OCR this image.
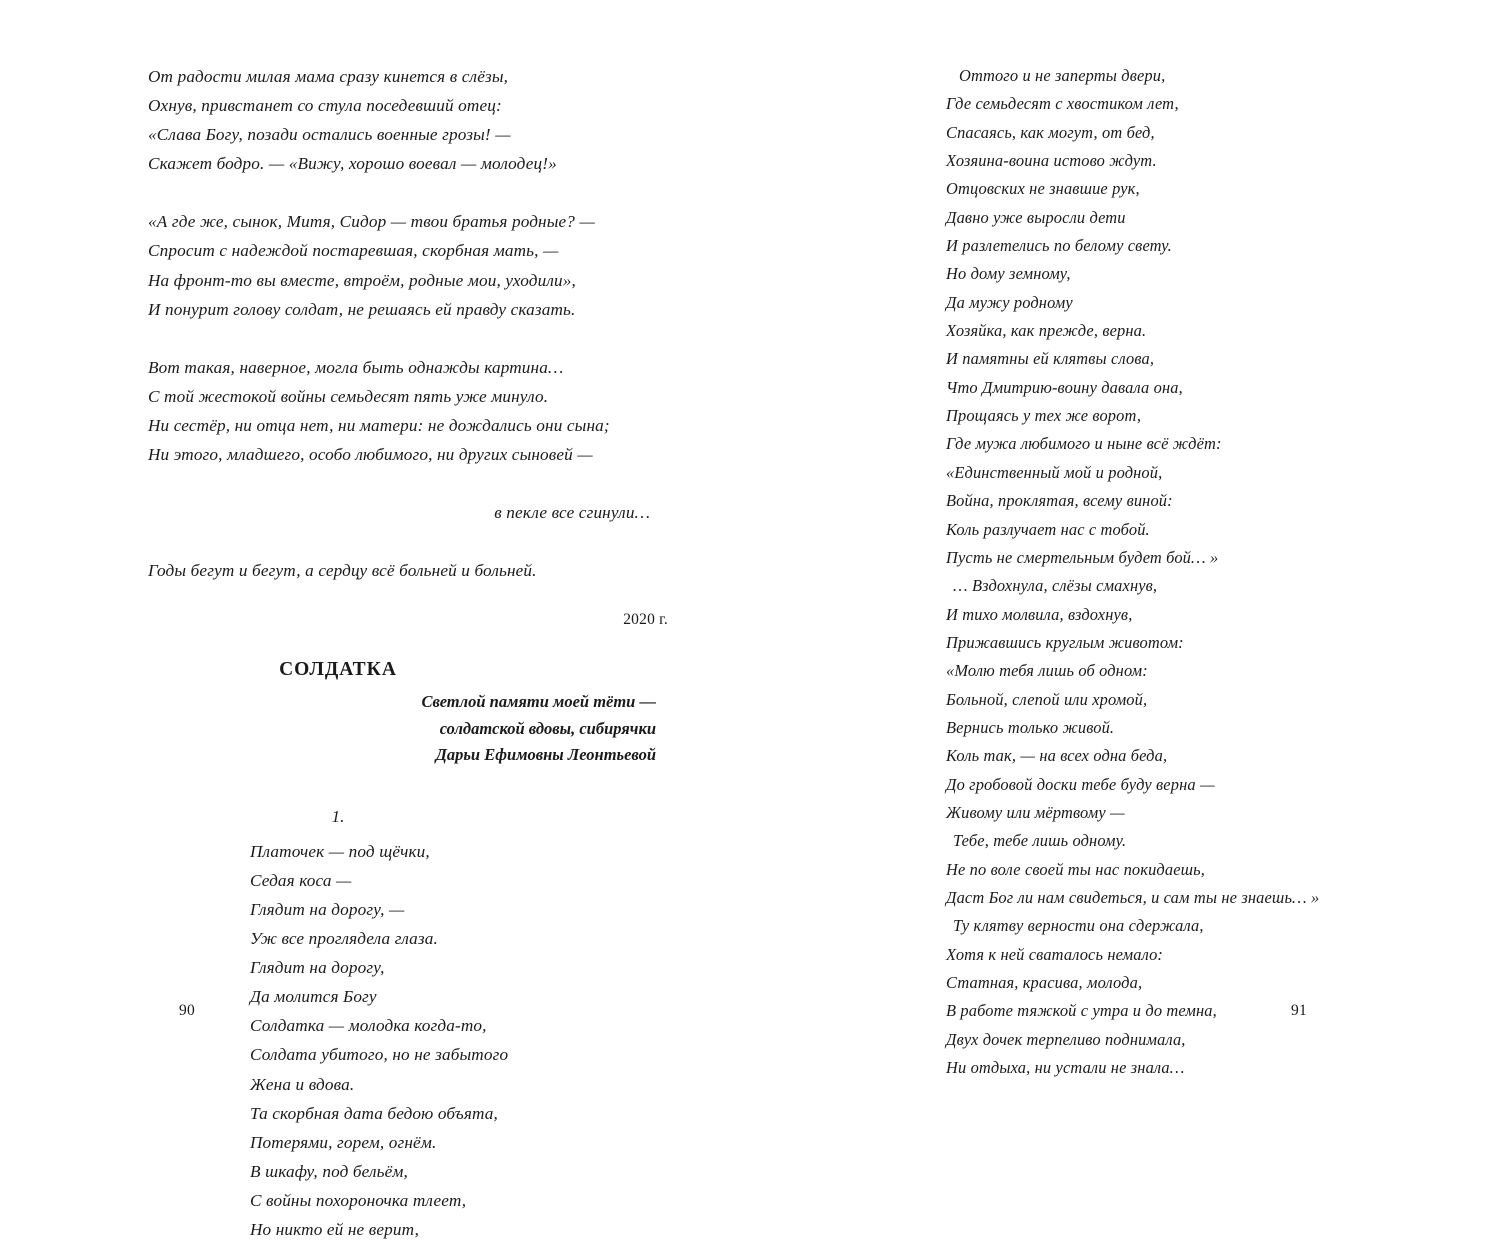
От радости милая мама сразу кинется в слёзы,
Охнув, привстанет со стула поседевший отец:
«Слава Богу, позади остались военные грозы! —
Скажет бодро. — «Вижу, хорошо воевал — молодец!»
«А где же, сынок, Митя, Сидор — твои братья родные? —
Спросит с надеждой постаревшая, скорбная мать, —
На фронт-то вы вместе, втроём, родные мои, уходили»,
И понурит голову солдат, не решаясь ей правду сказать.
Вот такая, наверное, могла быть однажды картина…
С той жестокой войны семьдесят пять уже минуло.
Ни сестёр, ни отца нет, ни матери: не дождались они сына;
Ни этого, младшего, особо любимого, ни других сыновей —
в пекле все сгинули…
Годы бегут и бегут, а сердцу всё больней и больней.
2020 г.
СОЛДАТКА
Светлой памяти моей тёти —
солдатской вдовы, сибирячки
Дарьи Ефимовны Леонтьевой
1.
Платочек — под щёчки,
Седая коса —
Глядит на дорогу, —
Уж все проглядела глаза.
Глядит на дорогу,
Да молится Богу
Солдатка — молодка когда-то,
Солдата убитого, но не забытого
Жена и вдова.
Та скорбная дата бедою объята,
Потерями, горем, огнём.
В шкафу, под бельём,
С войны похороночка тлеет,
Но никто ей не верит,
90
Оттого и не заперты двери,
Где семьдесят с хвостиком лет,
Спасаясь, как могут, от бед,
Хозяина-воина истово ждут.
Отцовских не знавшие рук,
Давно уже выросли дети
И разлетелись по белому свету.
Но дому земному,
Да мужу родному
Хозяйка, как прежде, верна.
И памятны ей клятвы слова,
Что Дмитрию-воину давала она,
Прощаясь у тех же ворот,
Где мужа любимого и ныне всё ждёт:
«Единственный мой и родной,
Война, проклятая, всему виной:
Коль разлучает нас с тобой.
Пусть не смертельным будет бой… »
… Вздохнула, слёзы смахнув,
И тихо молвила, вздохнув,
Прижавшись круглым животом:
«Молю тебя лишь об одном:
Больной, слепой или хромой,
Вернись только живой.
Коль так, — на всех одна беда,
До гробовой доски тебе буду верна —
Живому или мёртвому —
Тебе, тебе лишь одному.
Не по воле своей ты нас покидаешь,
Даст Бог ли нам свидеться, и сам ты не знаешь… »
Ту клятву верности она сдержала,
Хотя к ней сваталось немало:
Статная, красива, молода,
В работе тяжкой с утра и до темна,
Двух дочек терпеливо поднимала,
Ни отдыха, ни устали не знала…
91
